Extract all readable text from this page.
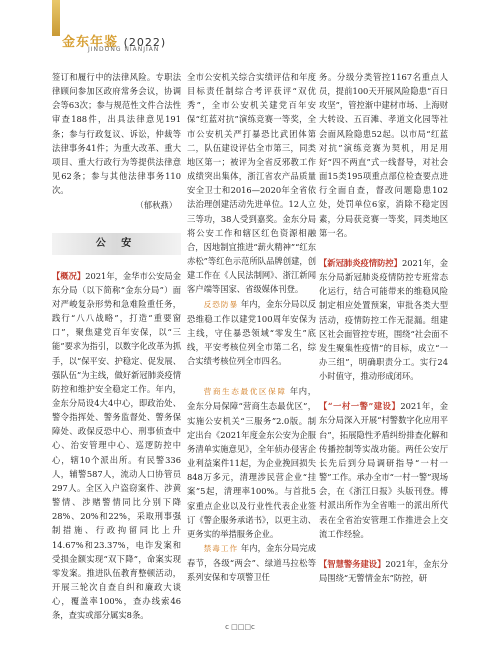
金东年鉴 (2022)
JINDONG NIANJIAN

签订和履行中的法律风险。专职法律顾问参加区政府常务会议，协调会等63次；参与规范性文件合法性审查188件，出具法律意见191条；参与行政复议、诉讼，仲裁等法律事务41件；为重大改革、重大项目、重大行政行为等提供法律意见62条；参与其他法律事务110次。

（郁秋燕）
公 安

【概况】2021年，金华市公安局金东分局（以下简称“金东分局”）面对严峻复杂形势和急难险重任务，践行“八八战略”，打造“重要窗口”，聚焦建党百年安保，以“三能”要求为指引，以数字化改革为抓手，以“保平安、护稳定、促发展、强队伍”为主线，做好新冠肺炎疫情防控和维护安全稳定工作。年内，金东分局设4大4中心，即政治处、警令指挥处、警务监督处、警务保障处、政保反恐中心、刑事侦查中心、治安管理中心、巡逻防控中心，辖10个派出所。有民警336人，辅警587人，流动人口协管员297人。全区入户盗窃案件、涉黄警情、涉赌警情同比分别下降28%、20%和22%，采取刑事强制措施、行政拘留同比上升14.67%和23.37%，电诈发案和受损金额实现“双下降”，命案实现零发案。推进队伍教育整顿活动，开展三轮次自查自纠和廉政大谈心，覆盖率100%，查办线索46条，查实或部分属实8条。

全市公安机关综合实绩评估和年度目标责任制综合考评获评“双优秀”，全市公安机关建党百年安保“红蓝对抗”演练竞赛一等奖，全市公安机关严打暴恐比武团体第二，队伍建设评估全市第三，同类地区第一；被评为全省反邪教工作成绩突出集体，浙江省农产品质量安全卫士和2016—2020年全省依法治理创建活动先进单位。12人立三等功，38人受到嘉奖。金东分局将公安工作和辖区红色资源相融合，因地制宜推进“薪火精神”“红东赤松”等红色示范所队品牌创建，创建工作在《人民法制网》、浙江新闻客户端等国家、省级媒体刊登。

反恐防暴 年内，金东分局以反恐维稳工作以建党100周年安保为主线，守住暴恐领域“零发生”底线，平安考核位列全市第二名，综合实绩考核位列全市四名。

营商生态最优区保障 年内，金东分局保障“营商生态最优区”，实施公安机关“三服务”2.0版。制定出台《2021年度金东公安为企服务清单实施意见》，全年侦办侵害企业利益案件11起，为企业挽回损失848万多元，清理涉民营企业“挂案”5起，清理率100%。与首批5家重点企业以及行业性代表企业签订《警企服务承诺书》，以更主动、更务实的举措服务企业。

禁毒工作 年内，金东分局完成春节，各级“两会”、绿道马拉松等系列安保和专项警卫任

务。分级分类管控1167名重点人员，提前100天开展风险隐患“百日攻坚”，管控渐中建材市场、上海财大转设、五百滩、孝道文化园等社会面风险隐患52起。以市局“红蓝对抗”演练竞赛为契机，用足用好“四不两直”式一线督导，对社会面15类195项重点部位检查要点进行全面自查，督改问题隐患102处，处罚单位6家，消除不稳定因素，分局获竞赛一等奖，同类地区第一名。

【新冠肺炎疫情防控】2021年，金东分局新冠肺炎疫情防控专班常态化运行，结合可能带来的维稳风险制定相应处置预案，审批各类大型活动，疫情防控工作无混漏。组建区社会面管控专班，围绕“社会面不发生聚集性疫情”的目标，成立“一办三组”，明确职责分工。实行24小时值守，推动形成闭环。

【“一村一警”建设】2021年，金东分局深入开展“村警数字化应用平台”，拓展隐性矛盾纠纷排查化解和传播控制等实战功能。两任公安厅长先后到分局调研指导“一村一警”工作。承办全市“一村一警”现场会，在《浙江日报》头版刊登。傅村派出所作为全省唯一的派出所代表在全省治安管理工作推进会上交流工作经验。

【智慧警务建设】2021年，金东分局围绕“无警情金东”防控，研

c □□□c
